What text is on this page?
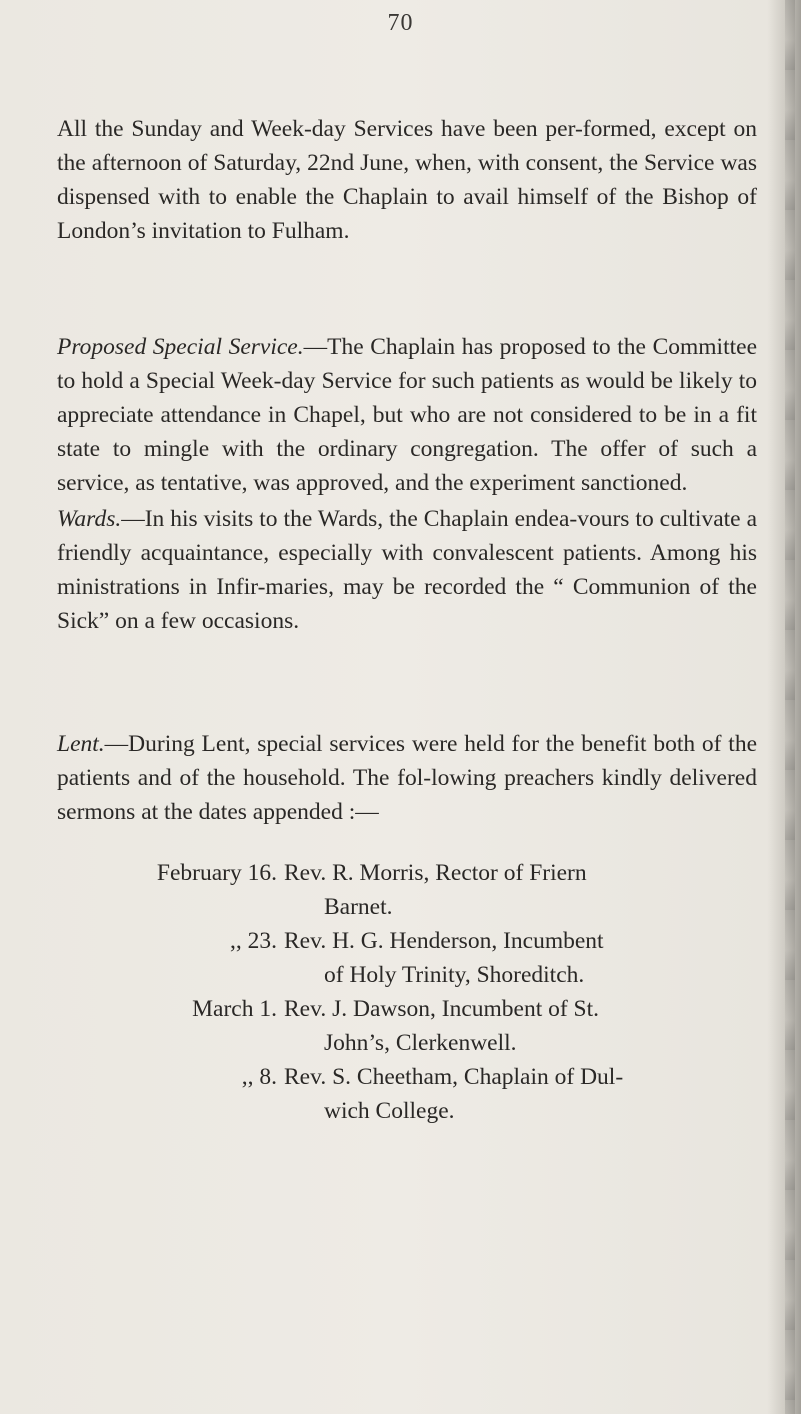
70

All the Sunday and Week-day Services have been per-formed, except on the afternoon of Saturday, 22nd June, when, with consent, the Service was dispensed with to enable the Chaplain to avail himself of the Bishop of London’s invitation to Fulham.

Proposed Special Service.—The Chaplain has proposed to the Committee to hold a Special Week-day Service for such patients as would be likely to appreciate attendance in Chapel, but who are not considered to be in a fit state to mingle with the ordinary congregation. The offer of such a service, as tentative, was approved, and the experiment sanctioned.

Wards.—In his visits to the Wards, the Chaplain endea-vours to cultivate a friendly acquaintance, especially with convalescent patients. Among his ministrations in Infir-maries, may be recorded the “ Communion of the Sick” on a few occasions.

Lent.—During Lent, special services were held for the benefit both of the patients and of the household. The fol-lowing preachers kindly delivered sermons at the dates appended :—

February 16. Rev. R. Morris, Rector of Friern
Barnet.
,, 23. Rev. H. G. Henderson, Incumbent
of Holy Trinity, Shoreditch.
March 1. Rev. J. Dawson, Incumbent of St.
John’s, Clerkenwell.
,, 8. Rev. S. Cheetham, Chaplain of Dul-
wich College.
